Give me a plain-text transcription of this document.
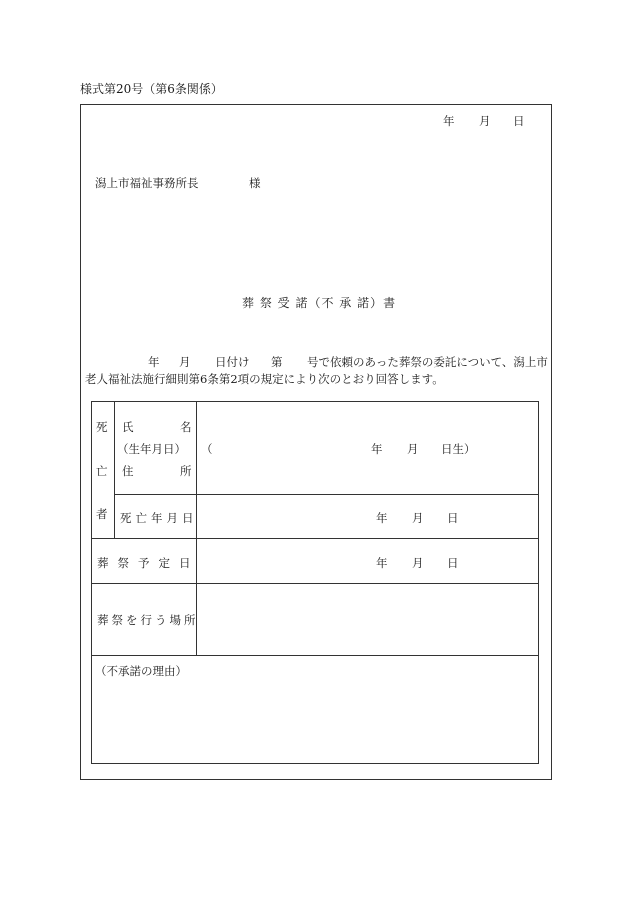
様式第20号（第6条関係）
年 月 日
潟上市福祉事務所長	様
葬 祭 受 諾（不 承 諾）書
年 月 日付け 第 号で依頼のあった葬祭の委託について、潟上市
老人福祉法施行細則第6条第2項の規定により次のとおり回答します。
死
亡
者
氏	名
（生年月日） （	年 月 日生）
住	所
死亡年月日	年 月 日
葬祭予定日	年 月 日
葬祭を行う場所
（不承諾の理由）
